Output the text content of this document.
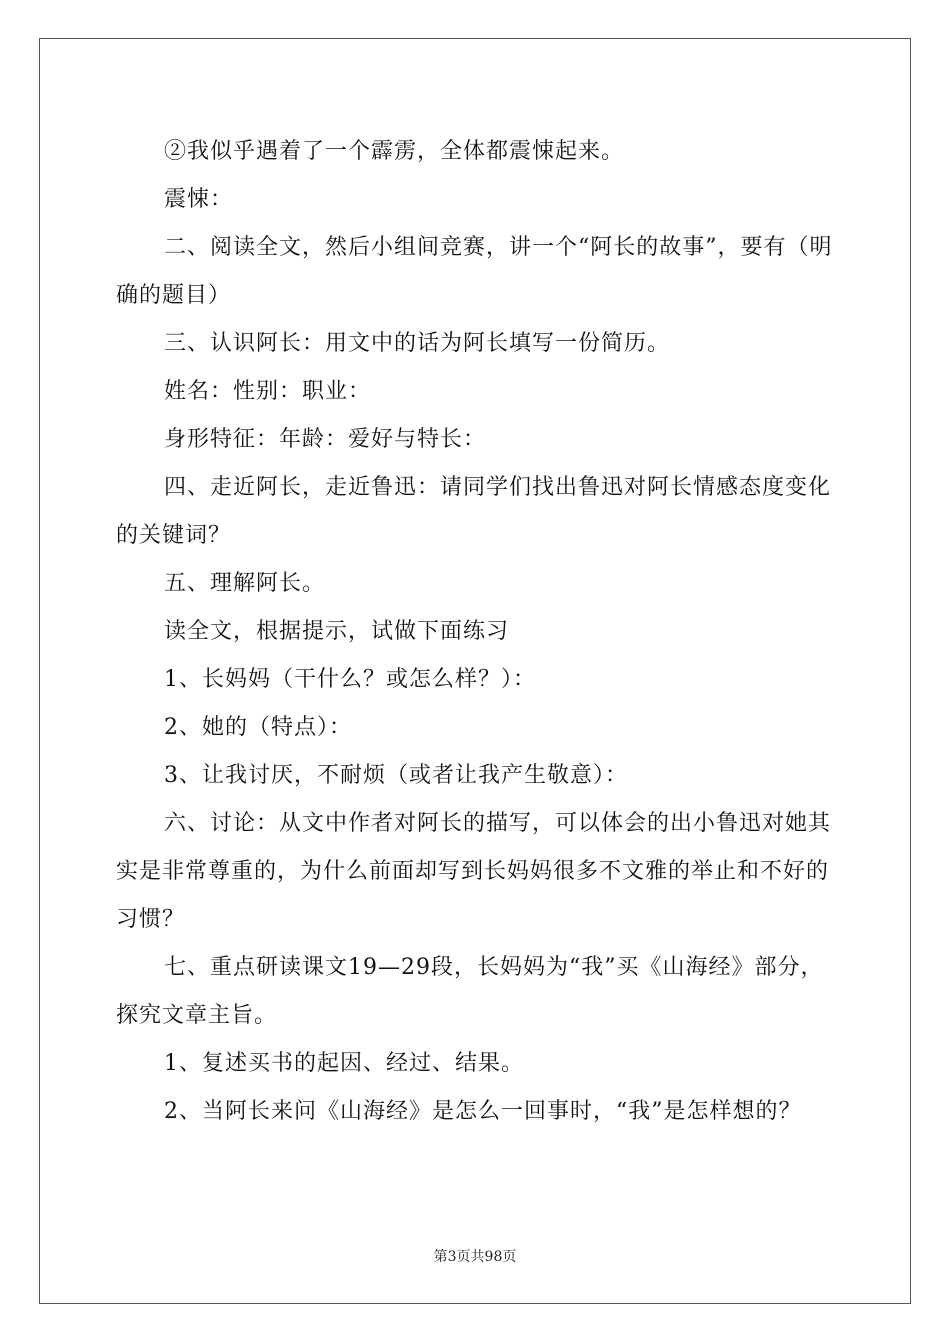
②我似乎遇着了一个霹雳，全体都震悚起来。

震悚：

二、阅读全文，然后小组间竞赛，讲一个“阿长的故事”，要有（明确的题目）

三、认识阿长：用文中的话为阿长填写一份简历。

姓名：性别：职业：

身形特征：年龄：爱好与特长：

四、走近阿长，走近鲁迅：请同学们找出鲁迅对阿长情感态度变化的关键词？

五、理解阿长。

读全文，根据提示，试做下面练习

1、长妈妈（干什么？或怎么样？）：

2、她的（特点）：

3、让我讨厌，不耐烦（或者让我产生敬意）：

六、讨论：从文中作者对阿长的描写，可以体会的出小鲁迅对她其实是非常尊重的，为什么前面却写到长妈妈很多不文雅的举止和不好的习惯？

七、重点研读课文19—29段，长妈妈为“我”买《山海经》部分，探究文章主旨。

1、复述买书的起因、经过、结果。

2、当阿长来问《山海经》是怎么一回事时，“我”是怎样想的？

第3页共98页
